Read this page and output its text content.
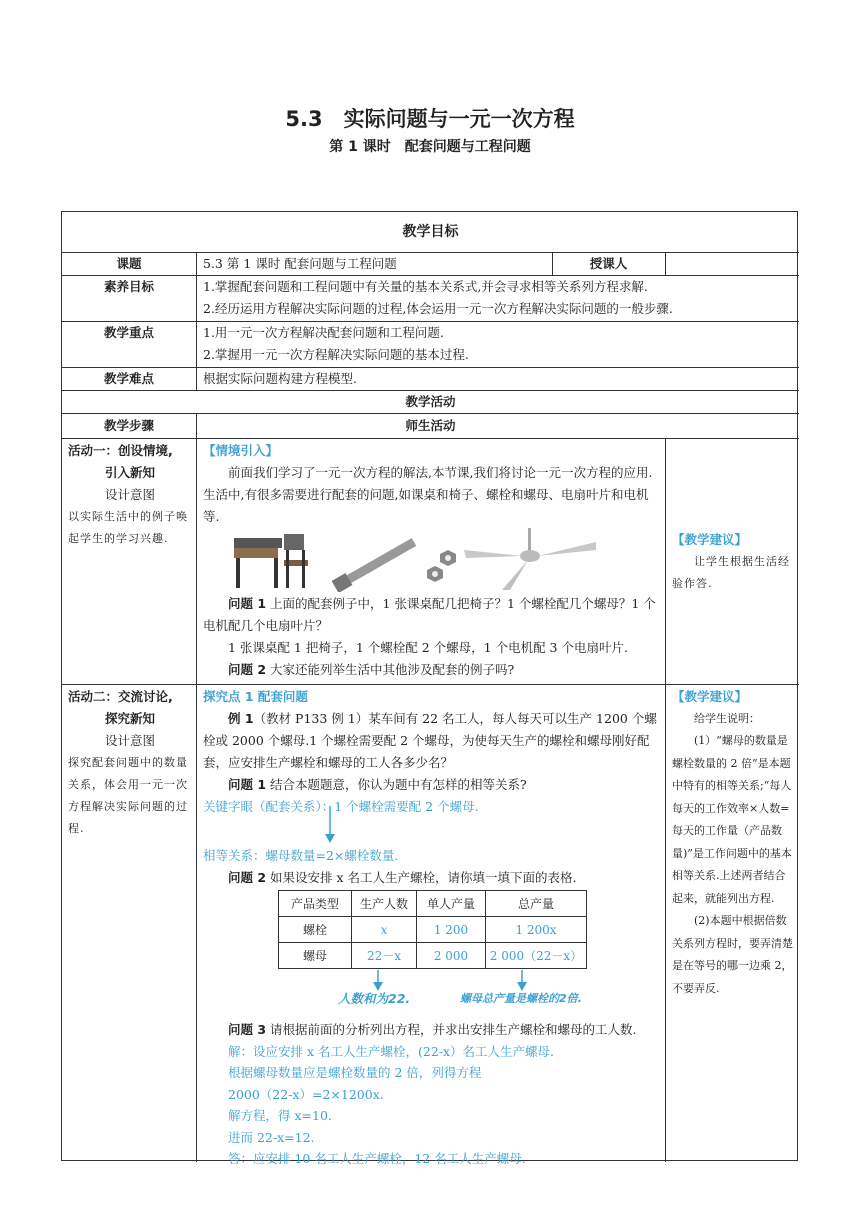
5.3　实际问题与一元一次方程
第 1 课时　配套问题与工程问题
教学目标
课题	5.3 第 1 课时 配套问题与工程问题	授课人
素养目标	1.掌握配套问题和工程问题中有关量的基本关系式,并会寻求相等关系列方程求解.

2.经历运用方程解决实际问题的过程,体会运用一元一次方程解决实际问题的一般步骤.

教学重点	1.用一元一次方程解决配套问题和工程问题.

2.掌握用一元一次方程解决实际问题的基本过程.

教学难点	根据实际问题构建方程模型.
教学活动
教学步骤	师生活动

活动一：创设情境,

引入新知

设计意图

以实际生活中的例子唤起学生的学习兴趣.

【情境引入】

前面我们学习了一元一次方程的解法,本节课,我们将讨论一元一次方程的应用.生活中,有很多需要进行配套的问题,如课桌和椅子、螺栓和螺母、电扇叶片和电机等.

问题 1 上面的配套例子中，1 张课桌配几把椅子？1 个螺栓配几个螺母？1 个电机配几个电扇叶片？

1 张课桌配 1 把椅子，1 个螺栓配 2 个螺母，1 个电机配 3 个电扇叶片.

问题 2 大家还能列举生活中其他涉及配套的例子吗?

【教学建议】

让学生根据生活经验作答.

活动二：交流讨论,

探究新知

设计意图

探究配套问题中的数量关系，体会用一元一次方程解决实际问题的过程.

探究点 1 配套问题

例 1（教材 P133 例 1）某车间有 22 名工人，每人每天可以生产 1200 个螺栓或 2000 个螺母.1 个螺栓需要配 2 个螺母，为使每天生产的螺栓和螺母刚好配套，应安排生产螺栓和螺母的工人各多少名？

问题 1 结合本题题意，你认为题中有怎样的相等关系?

关键字眼（配套关系）：1 个螺栓需要配 2 个螺母.

相等关系：螺母数量=2×螺栓数量.

问题 2 如果设安排 x 名工人生产螺栓，请你填一填下面的表格.

产品类型	生产人数	单人产量	总产量
螺栓	x	1 200	1 200x
螺母	22－x	2 000	2 000（22－x）
人数和为22.	螺母总产量是螺栓的2倍.

问题 3 请根据前面的分析列出方程，并求出安排生产螺栓和螺母的工人数.

解：设应安排 x 名工人生产螺栓，(22-x）名工人生产螺母.

根据螺母数量应是螺栓数量的 2 倍，列得方程

2000（22-x）=2×1200x.

解方程，得 x=10.

进而 22-x=12.

答：应安排 10 名工人生产螺栓，12 名工人生产螺母.

【教学建议】

给学生说明：

(1）“螺母的数量是螺栓数量的 2 倍”是本题中特有的相等关系;“每人每天的工作效率×人数=每天的工作量（产品数量)”是工作问题中的基本相等关系.上述两者结合起来，就能列出方程.

(2)本题中根据倍数关系列方程时，要弄清楚是在等号的哪一边乘 2，不要弄反.
